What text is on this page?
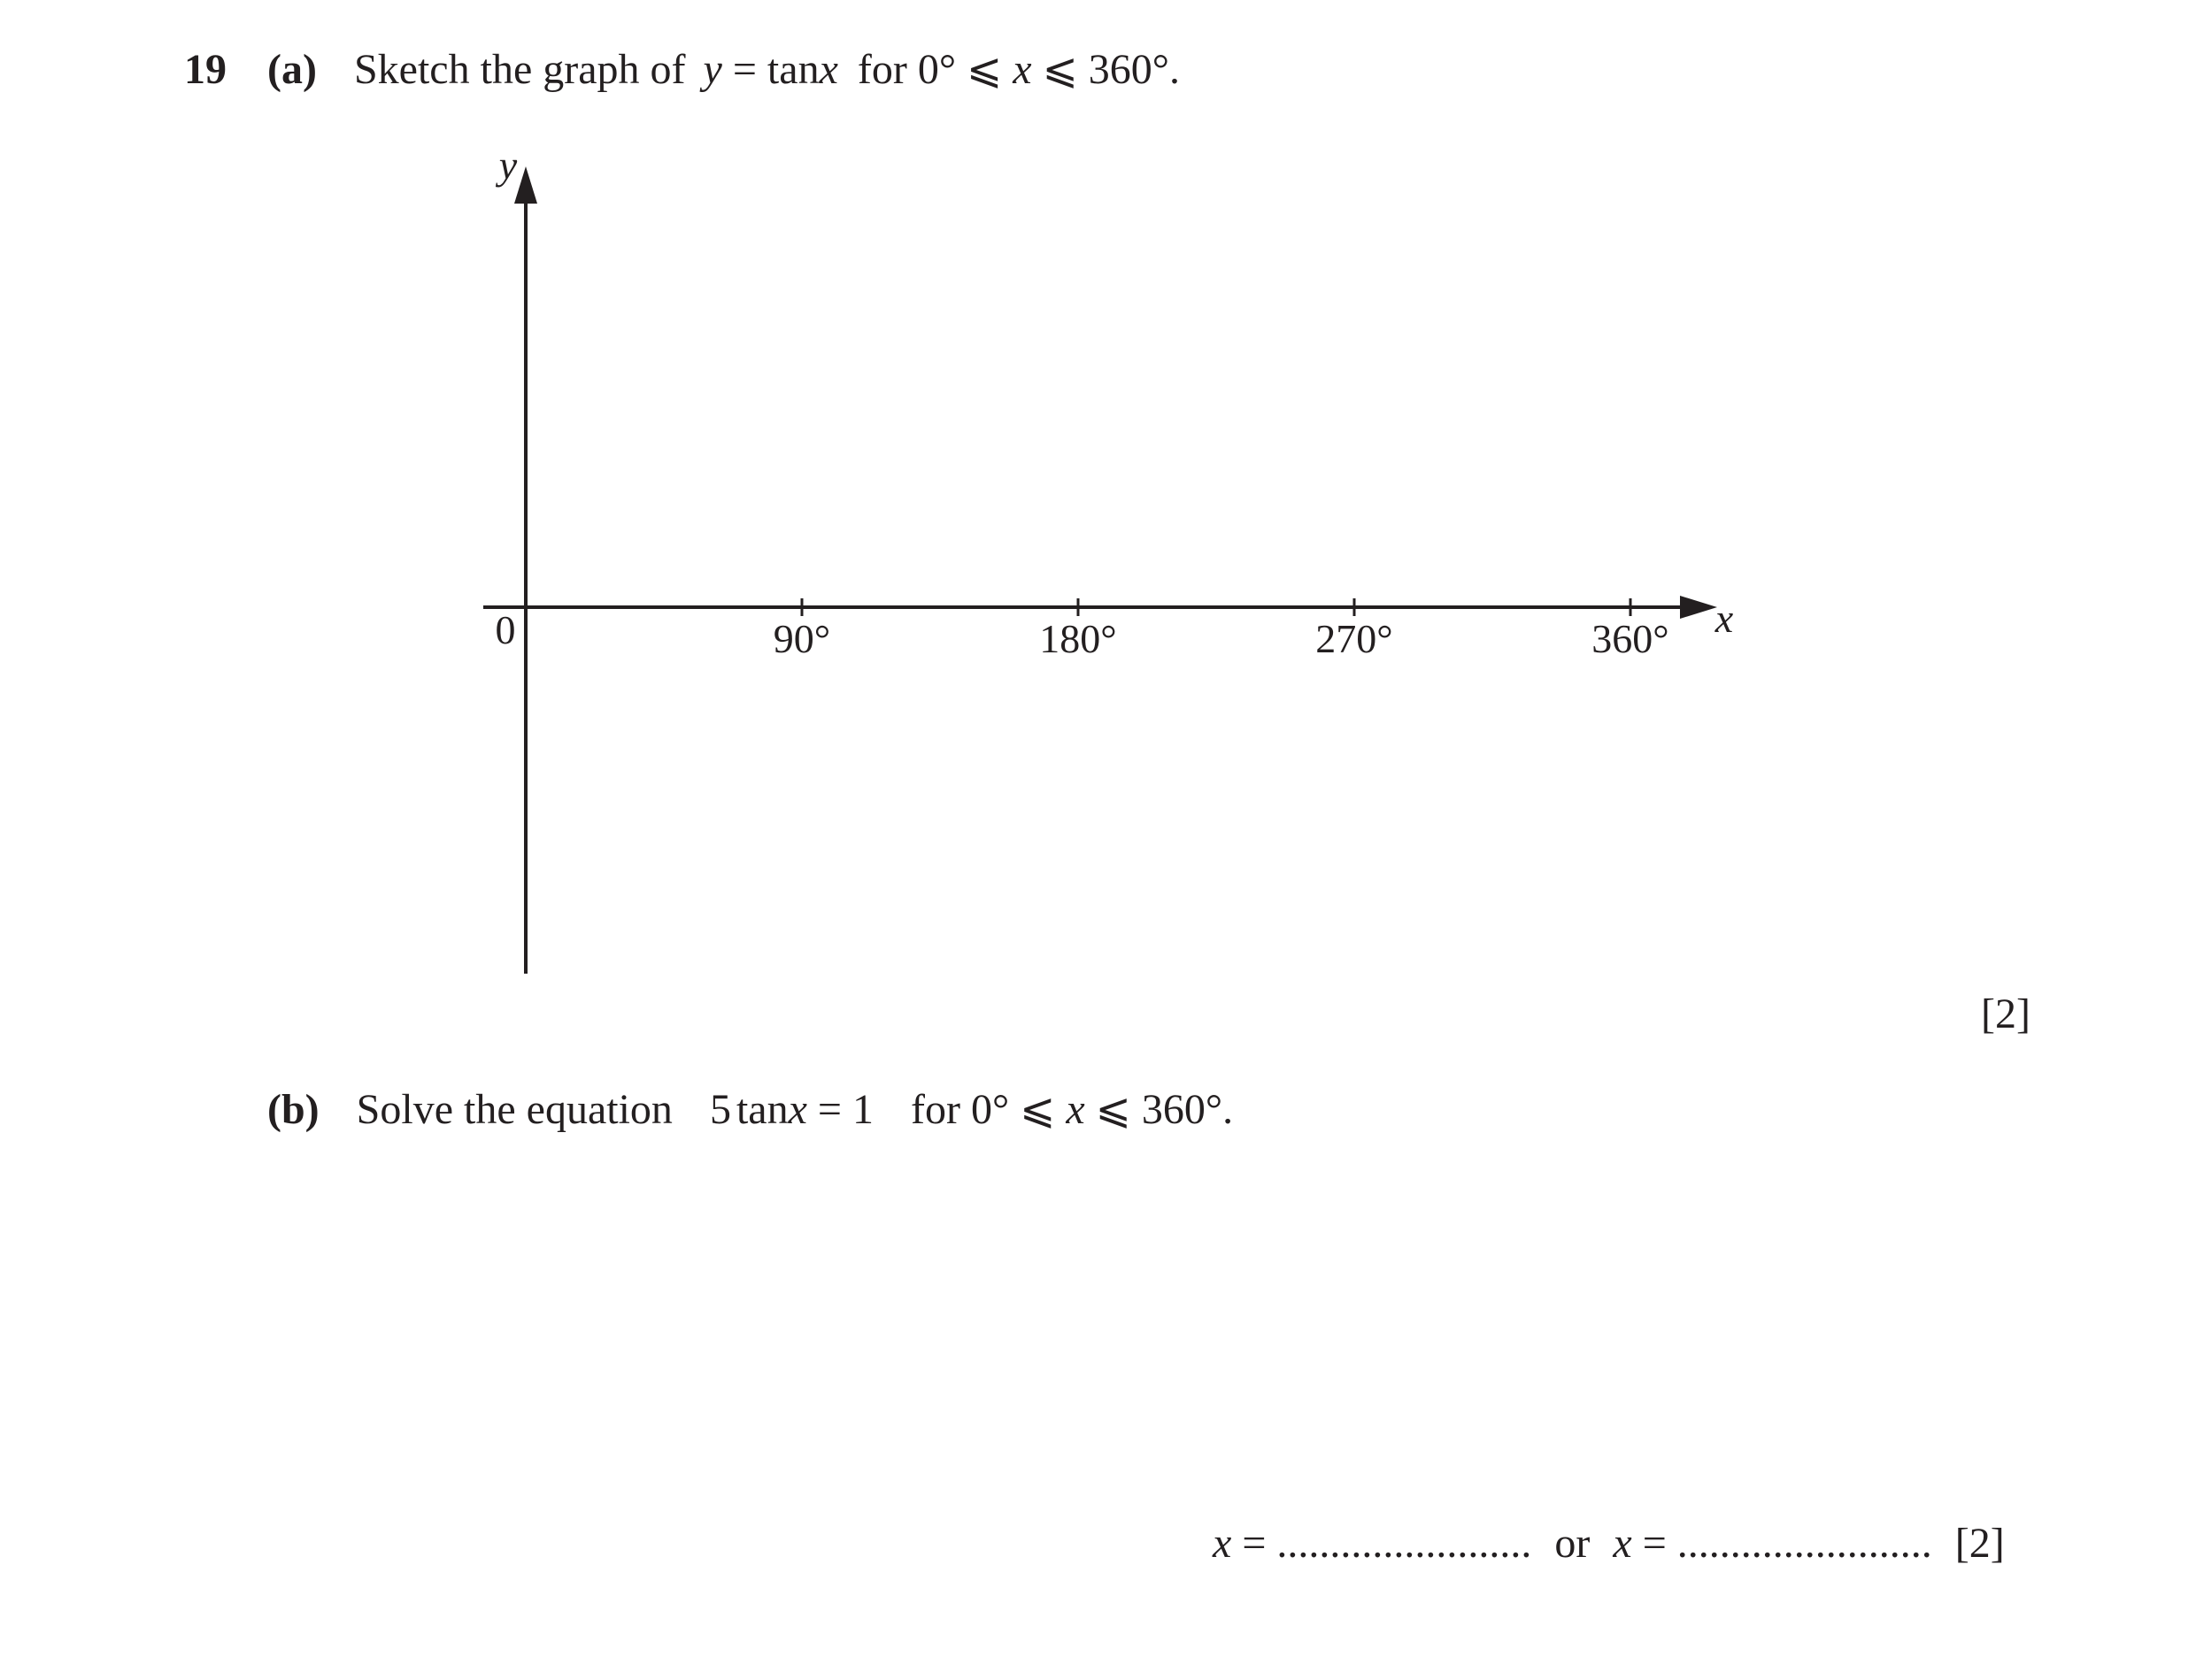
19 (a) Sketch the graph of y = tanx for 0° ⩽ x ⩽ 360°.
90°	180°	270°	360°
0
y
x
[2]
(b) Solve the equation 5 tanx = 1 for 0° ⩽ x ⩽ 360°.
x = ........................ or x = ........................ [2]
